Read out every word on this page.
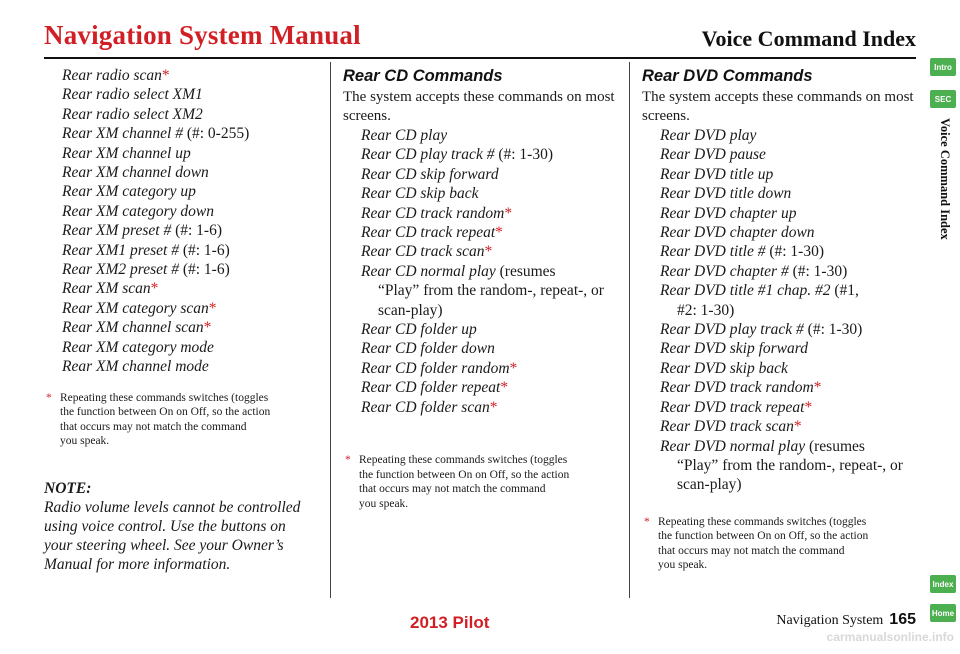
Navigation System Manual	Voice Command Index
Rear radio scan*
Rear radio select XM1
Rear radio select XM2
Rear XM channel # (#: 0-255)
Rear XM channel up
Rear XM channel down
Rear XM category up
Rear XM category down
Rear XM preset # (#: 1-6)
Rear XM1 preset # (#: 1-6)
Rear XM2 preset # (#: 1-6)
Rear XM scan*
Rear XM category scan*
Rear XM channel scan*
Rear XM category mode
Rear XM channel mode
* Repeating these commands switches (toggles
the function between On on Off, so the action
that occurs may not match the command
you speak.
NOTE:
Radio volume levels cannot be controlled using voice control. Use the buttons on your steering wheel. See your Owner’s Manual for more information.
Rear CD Commands
The system accepts these commands on most screens.
Rear CD play
Rear CD play track # (#: 1-30)
Rear CD skip forward
Rear CD skip back
Rear CD track random*
Rear CD track repeat*
Rear CD track scan*
Rear CD normal play (resumes
“Play” from the random-, repeat-, or scan-play)
Rear CD folder up
Rear CD folder down
Rear CD folder random*
Rear CD folder repeat*
Rear CD folder scan*
* Repeating these commands switches (toggles
the function between On on Off, so the action
that occurs may not match the command
you speak.
Rear DVD Commands
The system accepts these commands on most screens.
Rear DVD play
Rear DVD pause
Rear DVD title up
Rear DVD title down
Rear DVD chapter up
Rear DVD chapter down
Rear DVD title # (#: 1-30)
Rear DVD chapter # (#: 1-30)
Rear DVD title #1 chap. #2 (#1,
#2: 1-30)
Rear DVD play track # (#: 1-30)
Rear DVD skip forward
Rear DVD skip back
Rear DVD track random*
Rear DVD track repeat*
Rear DVD track scan*
Rear DVD normal play (resumes
“Play” from the random-, repeat-, or scan-play)
* Repeating these commands switches (toggles
the function between On on Off, so the action
that occurs may not match the command
you speak.
Intro
SEC
Voice Command Index
Index
Home
2013 Pilot	Navigation System 165
carmanualsonline.info
